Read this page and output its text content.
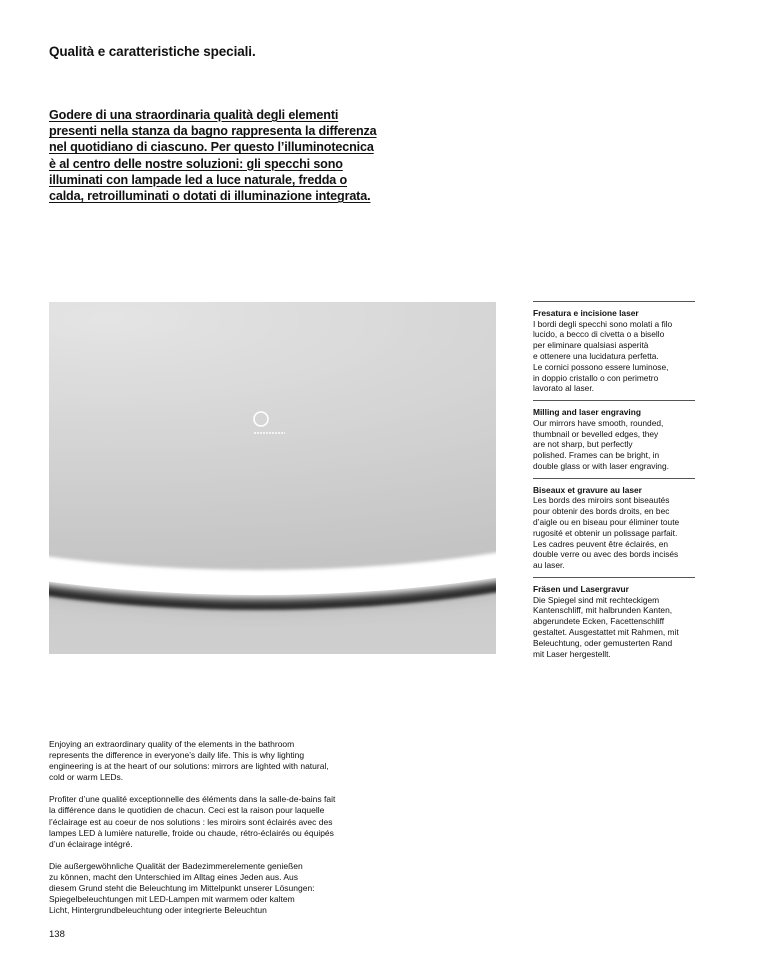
Qualità e caratteristiche speciali.
Godere di una straordinaria qualità degli elementi
presenti nella stanza da bagno rappresenta la differenza
nel quotidiano di ciascuno. Per questo l’illuminotecnica
è al centro delle nostre soluzioni: gli specchi sono
illuminati con lampade led a luce naturale, fredda o
calda, retroilluminati o dotati di illuminazione integrata.
Fresatura e incisione laser
I bordi degli specchi sono molati a filo
lucido, a becco di civetta o a bisello
per eliminare qualsiasi asperità
e ottenere una lucidatura perfetta.
Le cornici possono essere luminose,
in doppio cristallo o con perimetro
lavorato al laser.
Milling and laser engraving
Our mirrors have smooth, rounded,
thumbnail or bevelled edges, they
are not sharp, but perfectly
polished. Frames can be bright, in
double glass or with laser engraving.
Biseaux et gravure au laser
Les bords des miroirs sont biseautés
pour obtenir des bords droits, en bec
d’aigle ou en biseau pour éliminer toute
rugosité et obtenir un polissage parfait.
Les cadres peuvent être éclairés, en
double verre ou avec des bords incisés
au laser.
Fräsen und Lasergravur
Die Spiegel sind mit rechteckigem
Kantenschliff, mit halbrunden Kanten,
abgerundete Ecken, Facettenschliff
gestaltet. Ausgestattet mit Rahmen, mit
Beleuchtung, oder gemusterten Rand
mit Laser hergestellt.
Enjoying an extraordinary quality of the elements in the bathroom
represents the difference in everyone’s daily life. This is why lighting
engineering is at the heart of our solutions: mirrors are lighted with natural,
cold or warm LEDs.
Profiter d’une qualité exceptionnelle des éléments dans la salle-de-bains fait
la différence dans le quotidien de chacun. Ceci est la raison pour laquelle
l’éclairage est au coeur de nos solutions : les miroirs sont éclairés avec des
lampes LED à lumière naturelle, froide ou chaude, rétro-éclairés ou équipés
d’un éclairage intégré.
Die außergewöhnliche Qualität der Badezimmerelemente genießen
zu können, macht den Unterschied im Alltag eines Jeden aus. Aus
diesem Grund steht die Beleuchtung im Mittelpunkt unserer Lösungen:
Spiegelbeleuchtungen mit LED-Lampen mit warmem oder kaltem
Licht, Hintergrundbeleuchtung oder integrierte Beleuchtun
138
